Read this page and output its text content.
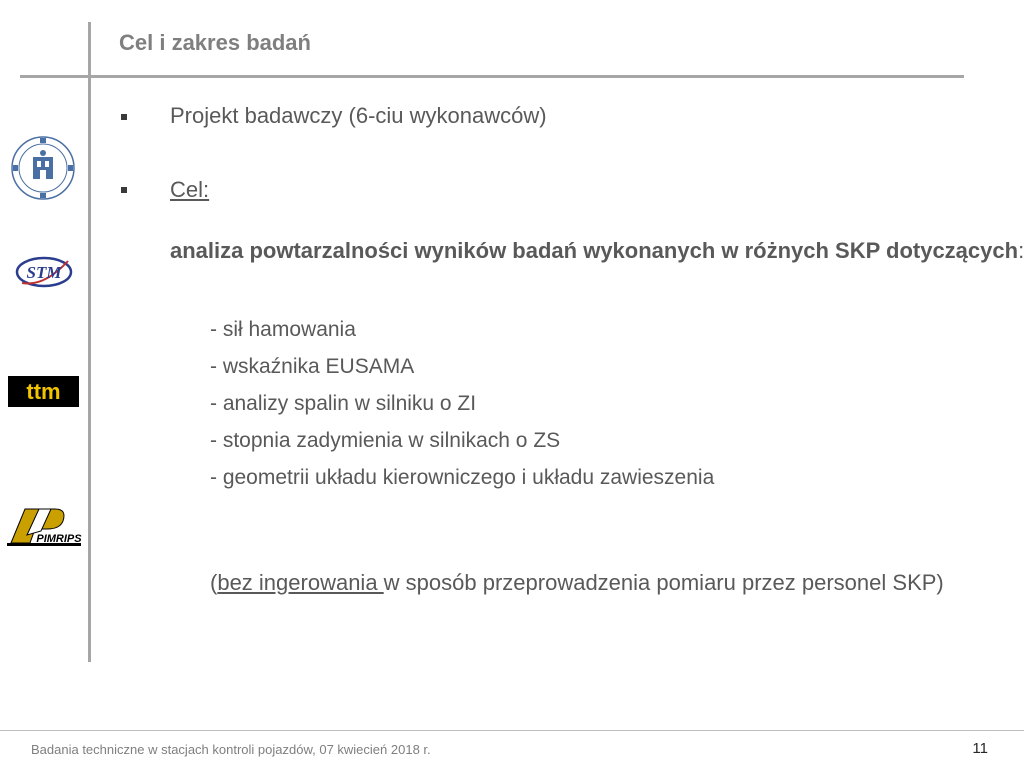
Cel i zakres badań
STM
ttm
PIMRIPS
Projekt badawczy (6-ciu wykonawców)
Cel:
analiza powtarzalności wyników badań wykonanych w różnych SKP dotyczących:
- sił hamowania
- wskaźnika EUSAMA
- analizy spalin w silniku o ZI
- stopnia zadymienia w silnikach o ZS
- geometrii układu kierowniczego i układu zawieszenia
(bez ingerowania w sposób przeprowadzenia pomiaru przez personel SKP)
Badania techniczne w stacjach kontroli pojazdów, 07 kwiecień 2018 r.	11
